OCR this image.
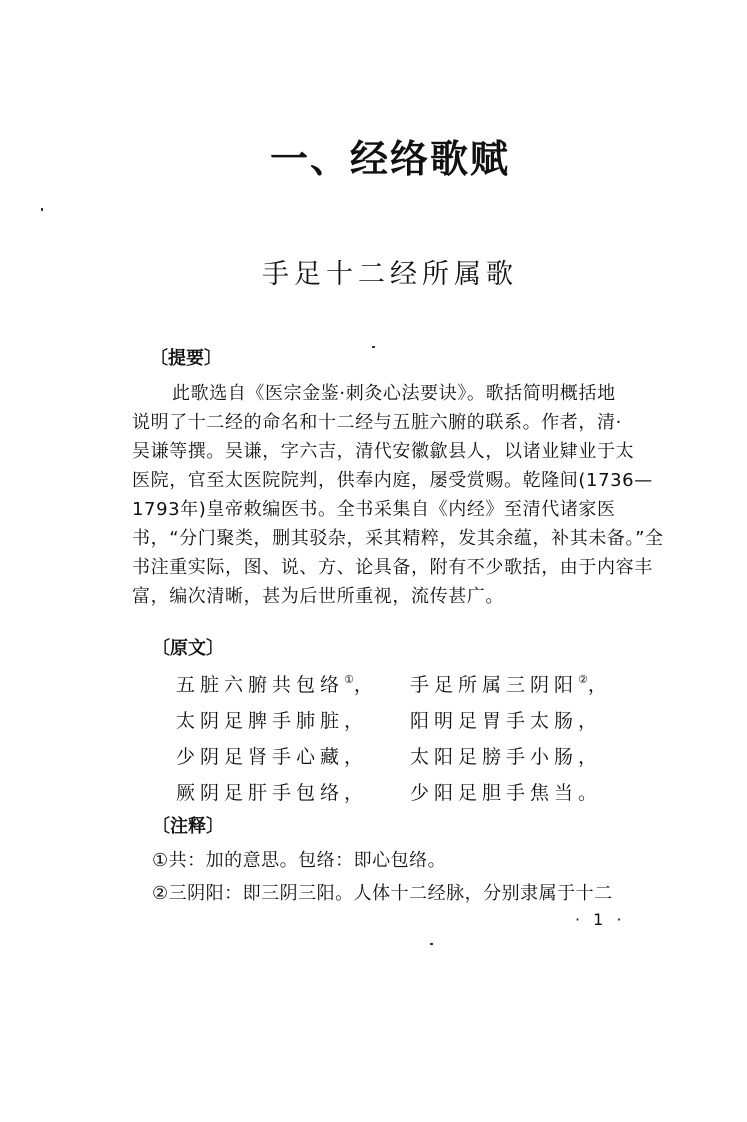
一、经络歌赋
手足十二经所属歌
〔提要〕
此歌选自《医宗金鉴·刺灸心法要诀》。歌括简明概括地
说明了十二经的命名和十二经与五脏六腑的联系。作者，清·
吴谦等撰。吴谦，字六吉，清代安徽歙县人，以诸业肄业于太
医院，官至太医院院判，供奉内庭，屡受赏赐。乾隆间(1736—
1793年)皇帝敕编医书。全书采集自《内经》至清代诸家医
书，“分门聚类，删其驳杂，采其精粹，发其余蕴，补其未备。”全
书注重实际，图、说、方、论具备，附有不少歌括，由于内容丰
富，编次清晰，甚为后世所重视，流传甚广。
〔原文〕
五脏六腑共包络①， 手足所属三阴阳②，
太阴足脾手肺脏， 阳明足胃手太肠，
少阴足肾手心藏， 太阳足膀手小肠，
厥阴足肝手包络， 少阳足胆手焦当。
〔注释〕
①共：加的意思。包络：即心包络。
②三阴阳：即三阴三阳。人体十二经脉，分别隶属于十二
· 1 ·
